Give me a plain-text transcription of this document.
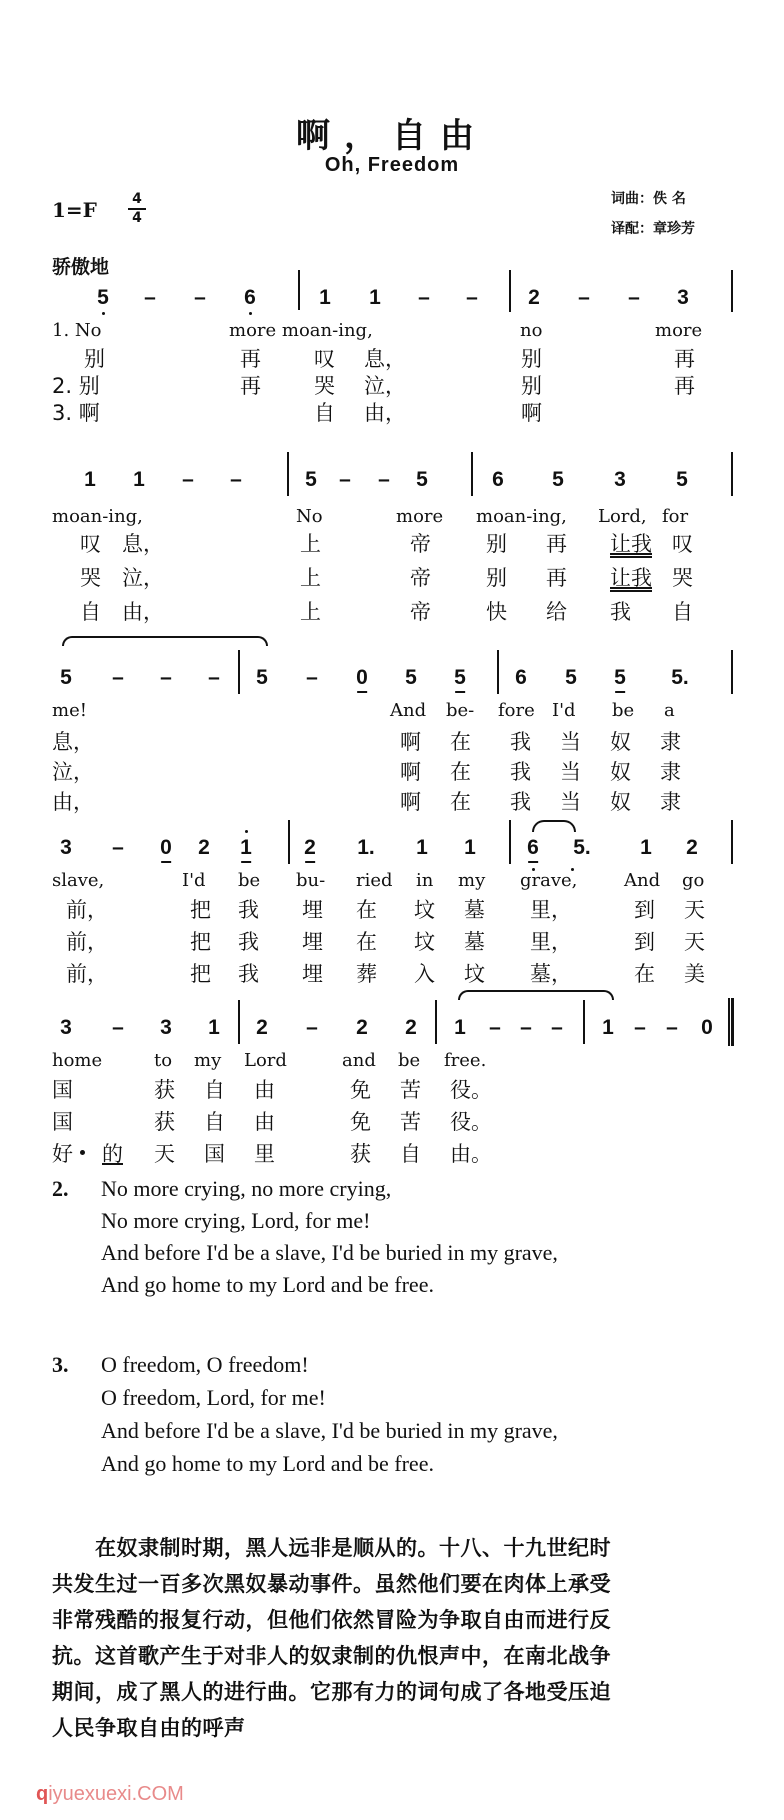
啊，自由
Oh, Freedom
词曲：佚 名
译配：章珍芳
1=F	4
4
骄傲地
5 – – 6	1 1 – – 2 – – 3
1. No	more moan-ing,	no	more
别	再	叹 息，	别	再
2. 别	再	哭 泣，	别	再
3. 啊	自 由，	啊
1 1 – –	5 – – 5	6 5 3 5
moan-ing,	No	more moan-ing, Lord, for
叹 息，	上	帝	别 再 让我 叹
哭 泣，	上	帝	别 再 让我 哭
自 由，	上	帝	快 给 我 自
5 – – – 5 – 0 5 5 6 5 5 5.
me!	And be- fore I'd be a
息，	啊 在 我 当 奴 隶
泣，	啊 在 我 当 奴 隶
由，	啊 在 我 当 奴 隶
3 – 0 2 1 2 1. 1 1 6 5. 1 2
slave,	I'd be bu- ried in my grave,	And go
前，	把 我 埋 在 坟 墓 里，	到 天
前，	把 我 埋 在 坟 墓 里，	到 天
前，	把 我 埋 葬 入 坟 墓，	在 美
3 – 3 1 2 – 2 2 1 – – – 1 – – 0
home	to my Lord	and be free.
国	获 自 由	免 苦 役。
国	获 自 由	免 苦 役。
好 的 天 国 里	获 自 由。
2. No more crying, no more crying,
No more crying, Lord, for me!
And before I'd be a slave, I'd be buried in my grave,
And go home to my Lord and be free.
3. O freedom, O freedom!
O freedom, Lord, for me!
And before I'd be a slave, I'd be buried in my grave,
And go home to my Lord and be free.
　　在奴隶制时期，黑人远非是顺从的。十八、十九世纪时
共发生过一百多次黑奴暴动事件。虽然他们要在肉体上承受
非常残酷的报复行动，但他们依然冒险为争取自由而进行反
抗。这首歌产生于对非人的奴隶制的仇恨声中，在南北战争
期间，成了黑人的进行曲。它那有力的词句成了各地受压迫
人民争取自由的呼声
qiyuexuexi.COM
